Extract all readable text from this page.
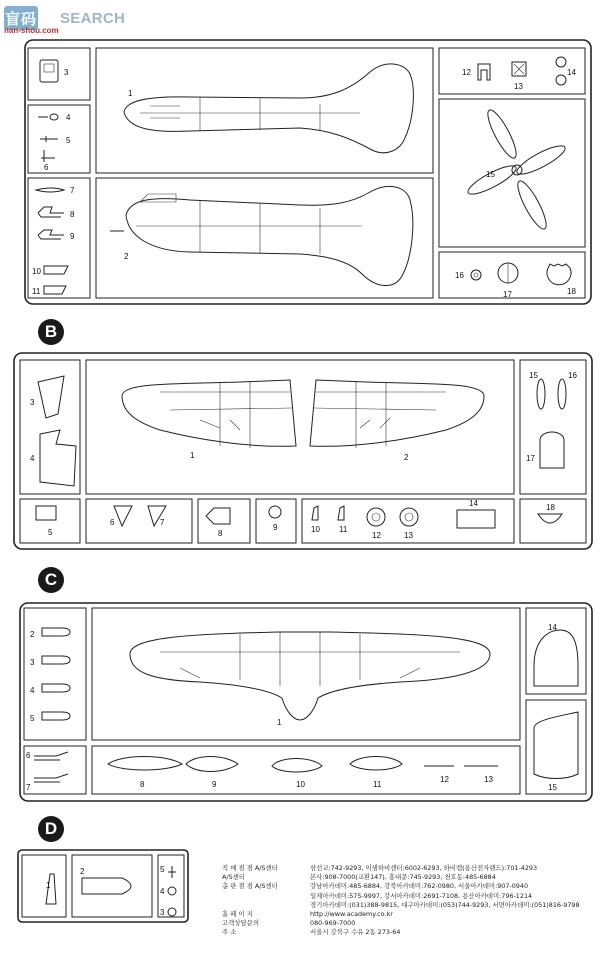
盲码 SEARCH
nan-shou.com
B
C
D
3
4
5
6
7
8
9
10
11
1
2
12
13
14
15
16
17	18
3
4	1	2
15	16
17
5
6	7
8
9	10 11
12	13
14	18
2
3
4
5	1
14
15
6
7	8	9	10	11
12	13
1
2	5
4
3
직 매 점 겸 A/S센터	삼선교:742-9293, 이샘하비센터:6002-6293, 하비캠(용산전자랜드):701-4293
A/S센터	본사:908-7000(교환147), 홍대문:745-9293, 천호동:485-6884
총 판 점 겸 A/S센터	강남아카데미:485-6884, 강북아카데미:762-0980, 서울아카데미:907-0940
일제아카데미:575-9997, 강서아카데미:2691-7108, 용산아카데미:796-1214
경기아카데미:(031)388-9815, 대구아카데미:(053)744-9293, 서면아카데미:(051)816-9798
홈 페 이 지	http://www.academy.co.kr
고객상담문의	080-969-7000
주 소	서울시 강북구 수유 2동 273-64
